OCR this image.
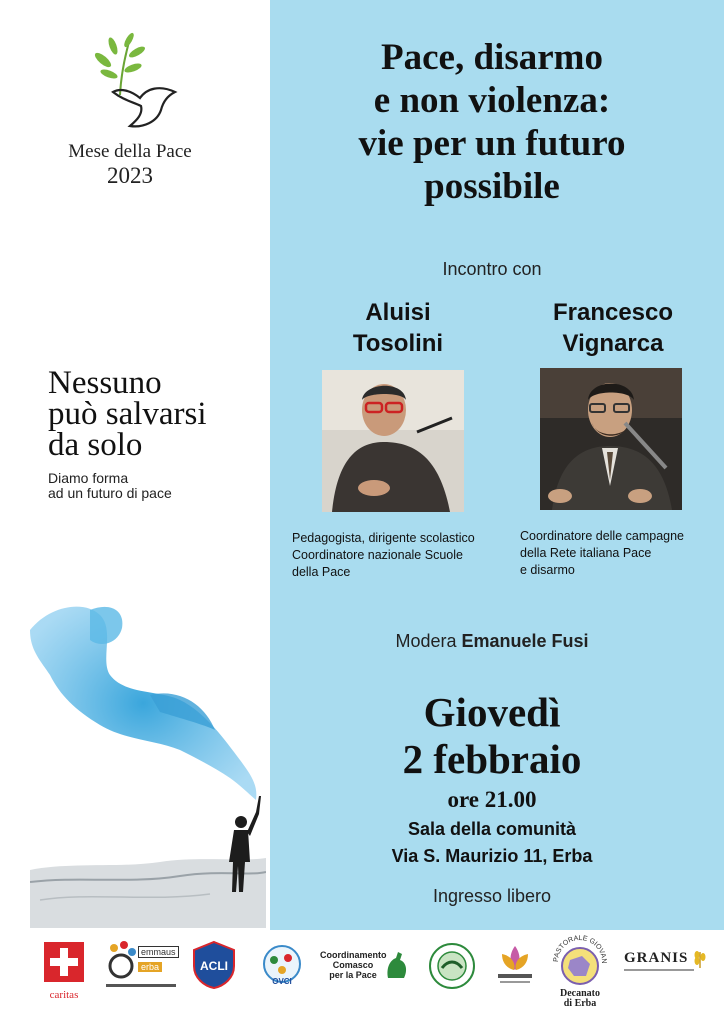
Mese della Pace
2023
Nessuno
può salvarsi
da solo
Diamo forma
ad un futuro di pace
Pace, disarmo
e non violenza:
vie per un futuro
possibile
Incontro con
Aluisi
Tosolini
Pedagogista, dirigente scolastico
Coordinatore nazionale Scuole
della Pace
Francesco
Vignarca
Coordinatore delle campagne
della Rete italiana Pace
e disarmo
Modera Emanuele Fusi
Giovedì
2 febbraio
ore 21.00
Sala della comunità
Via S. Maurizio 11, Erba
Ingresso libero
caritas
emmaus
erba	ACLI
OVCI
Coordinamento
Comasco
per la Pace
PASTORALE GIOVAN
Decanato
di Erba
GRANIS
